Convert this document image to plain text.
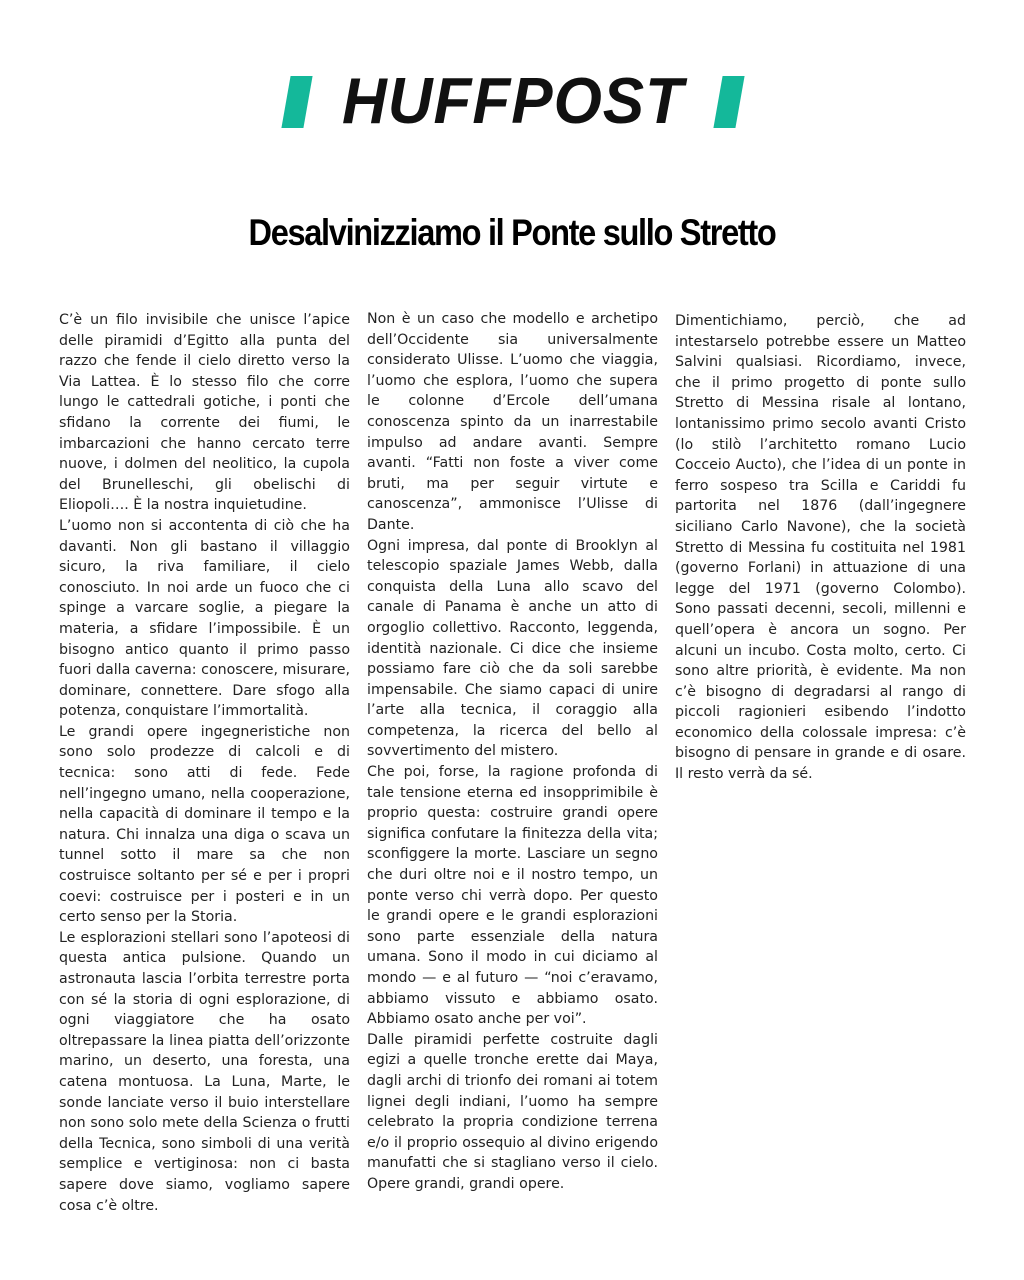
HUFFPOST
Desalvinizziamo il Ponte sullo Stretto

C’è un filo invisibile che unisce l’apice delle piramidi d’Egitto alla punta del razzo che fende il cielo diretto verso la Via Lattea. È lo stesso filo che corre lungo le cattedrali gotiche, i ponti che sfidano la corrente dei fiumi, le imbarcazioni che hanno cercato terre nuove, i dolmen del neolitico, la cupola del Brunelleschi, gli obelischi di Eliopoli…. È la nostra inquietudine.

L’uomo non si accontenta di ciò che ha davanti. Non gli bastano il villaggio sicuro, la riva familiare, il cielo conosciuto. In noi arde un fuoco che ci spinge a varcare soglie, a piegare la materia, a sfidare l’impossibile. È un bisogno antico quanto il primo passo fuori dalla caverna: conoscere, misurare, dominare, connettere. Dare sfogo alla potenza, conquistare l’immortalità.

Le grandi opere ingegneristiche non sono solo prodezze di calcoli e di tecnica: sono atti di fede. Fede nell’ingegno umano, nella cooperazione, nella capacità di dominare il tempo e la natura. Chi innalza una diga o scava un tunnel sotto il mare sa che non costruisce soltanto per sé e per i propri coevi: costruisce per i posteri e in un certo senso per la Storia.

Le esplorazioni stellari sono l’apoteosi di questa antica pulsione. Quando un astronauta lascia l’orbita terrestre porta con sé la storia di ogni esplorazione, di ogni viaggiatore che ha osato oltrepassare la linea piatta dell’orizzonte marino, un deserto, una foresta, una catena montuosa. La Luna, Marte, le sonde lanciate verso il buio interstellare non sono solo mete della Scienza o frutti della Tecnica, sono simboli di una verità semplice e vertiginosa: non ci basta sapere dove siamo, vogliamo sapere cosa c’è oltre.

Non è un caso che modello e archetipo dell’Occidente sia universalmente considerato Ulisse. L’uomo che viaggia, l’uomo che esplora, l’uomo che supera le colonne d’Ercole dell’umana conoscenza spinto da un inarrestabile impulso ad andare avanti. Sempre avanti. “Fatti non foste a viver come bruti, ma per seguir virtute e canoscenza”, ammonisce l’Ulisse di Dante.

Ogni impresa, dal ponte di Brooklyn al telescopio spaziale James Webb, dalla conquista della Luna allo scavo del canale di Panama è anche un atto di orgoglio collettivo. Racconto, leggenda, identità nazionale. Ci dice che insieme possiamo fare ciò che da soli sarebbe impensabile. Che siamo capaci di unire l’arte alla tecnica, il coraggio alla competenza, la ricerca del bello al sovvertimento del mistero.

Che poi, forse, la ragione profonda di tale tensione eterna ed insopprimibile è proprio questa: costruire grandi opere significa confutare la finitezza della vita; sconfiggere la morte. Lasciare un segno che duri oltre noi e il nostro tempo, un ponte verso chi verrà dopo. Per questo le grandi opere e le grandi esplorazioni sono parte essenziale della natura umana. Sono il modo in cui diciamo al mondo — e al futuro — “noi c’eravamo, abbiamo vissuto e abbiamo osato. Abbiamo osato anche per voi”.

Dalle piramidi perfette costruite dagli egizi a quelle tronche erette dai Maya, dagli archi di trionfo dei romani ai totem lignei degli indiani, l’uomo ha sempre celebrato la propria condizione terrena e/o il proprio ossequio al divino erigendo manufatti che si stagliano verso il cielo. Opere grandi, grandi opere.

Dimentichiamo, perciò, che ad intestarselo potrebbe essere un Matteo Salvini qualsiasi. Ricordiamo, invece, che il primo progetto di ponte sullo Stretto di Messina risale al lontano, lontanissimo primo secolo avanti Cristo (lo stilò l’architetto romano Lucio Cocceio Aucto), che l’idea di un ponte in ferro sospeso tra Scilla e Cariddi fu partorita nel 1876 (dall’ingegnere siciliano Carlo Navone), che la società Stretto di Messina fu costituita nel 1981 (governo Forlani) in attuazione di una legge del 1971 (governo Colombo). Sono passati decenni, secoli, millenni e quell’opera è ancora un sogno. Per alcuni un incubo. Costa molto, certo. Ci sono altre priorità, è evidente. Ma non c’è bisogno di degradarsi al rango di piccoli ragionieri esibendo l’indotto economico della colossale impresa: c’è bisogno di pensare in grande e di osare. Il resto verrà da sé.
